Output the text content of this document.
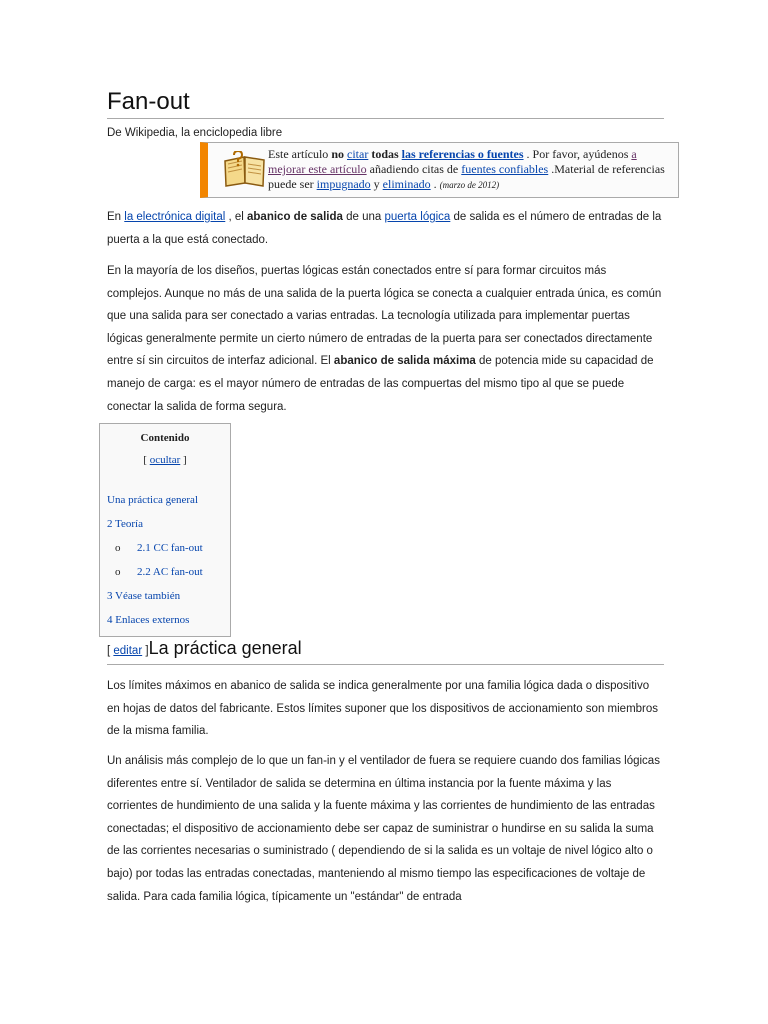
Fan-out
De Wikipedia, la enciclopedia libre
Este artículo no citar todas las referencias o fuentes . Por favor, ayúdenos a mejorar este artículo añadiendo citas de fuentes confiables .Material de referencias puede ser impugnado y eliminado . (marzo de 2012)
En la electrónica digital , el abanico de salida de una puerta lógica de salida es el número de entradas de la puerta a la que está conectado.
En la mayoría de los diseños, puertas lógicas están conectados entre sí para formar circuitos más complejos. Aunque no más de una salida de la puerta lógica se conecta a cualquier entrada única, es común que una salida para ser conectado a varias entradas. La tecnología utilizada para implementar puertas lógicas generalmente permite un cierto número de entradas de la puerta para ser conectados directamente entre sí sin circuitos de interfaz adicional. El abanico de salida máxima de potencia mide su capacidad de manejo de carga: es el mayor número de entradas de las compuertas del mismo tipo al que se puede conectar la salida de forma segura.
Contenido
[ ocultar ]
Una práctica general
2 Teoría
o 2.1 CC fan-out
o 2.2 AC fan-out
3 Véase también
4 Enlaces externos
[ editar ]La práctica general
Los límites máximos en abanico de salida se indica generalmente por una familia lógica dada o dispositivo en hojas de datos del fabricante. Estos límites suponer que los dispositivos de accionamiento son miembros de la misma familia.
Un análisis más complejo de lo que un fan-in y el ventilador de fuera se requiere cuando dos familias lógicas diferentes entre sí. Ventilador de salida se determina en última instancia por la fuente máxima y las corrientes de hundimiento de una salida y la fuente máxima y las corrientes de hundimiento de las entradas conectadas; el dispositivo de accionamiento debe ser capaz de suministrar o hundirse en su salida la suma de las corrientes necesarias o suministrado ( dependiendo de si la salida es un voltaje de nivel lógico alto o bajo) por todas las entradas conectadas, manteniendo al mismo tiempo las especificaciones de voltaje de salida. Para cada familia lógica, típicamente un "estándar" de entrada
